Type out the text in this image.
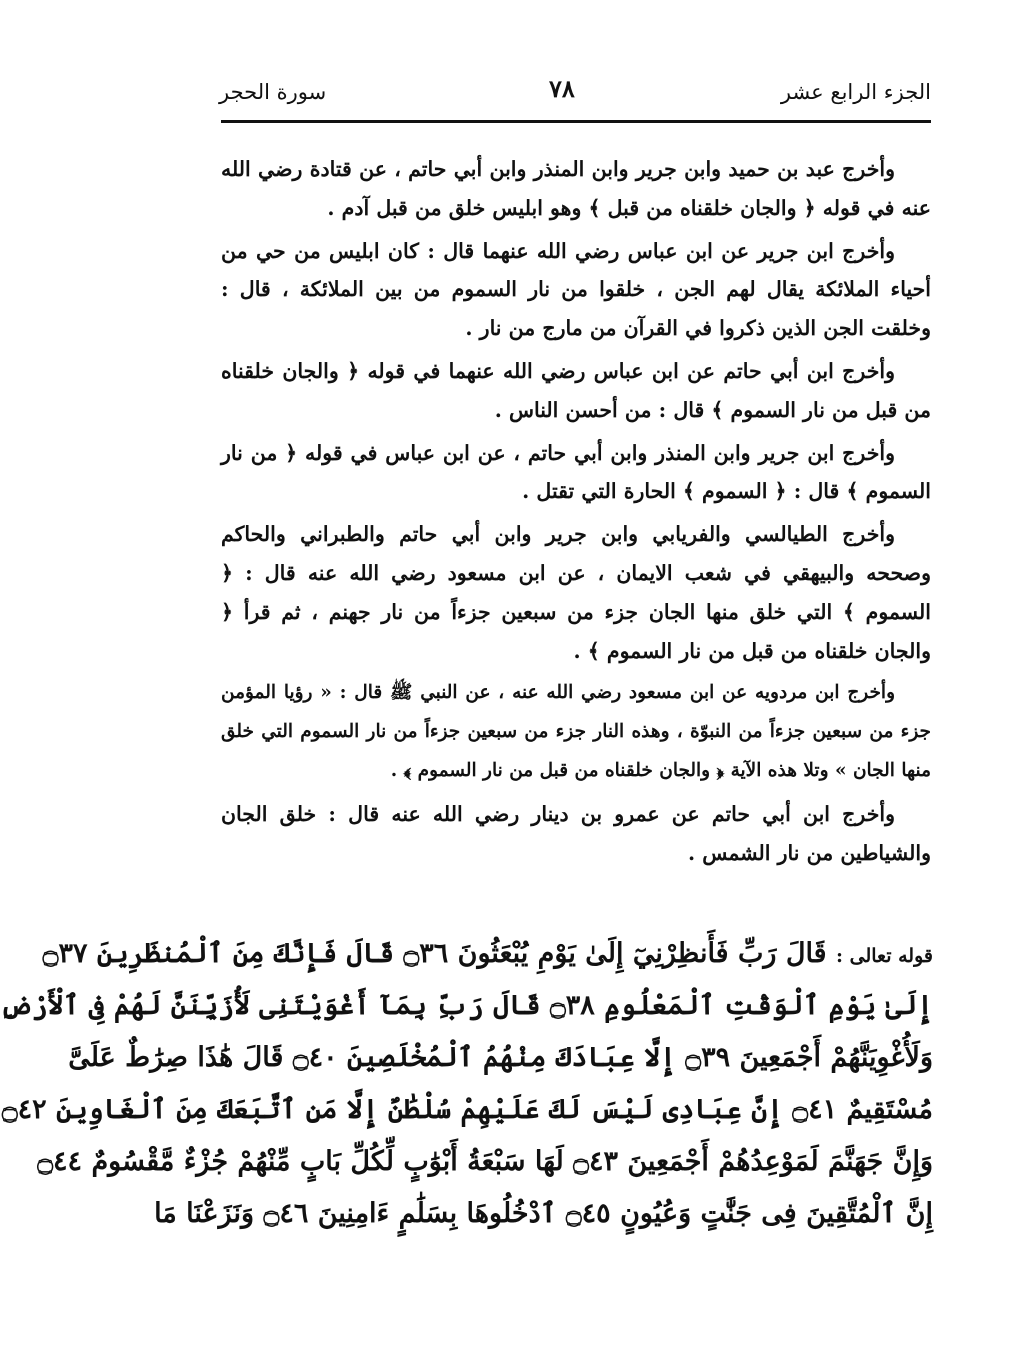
الجزء الرابع عشر
٧٨
سورة الحجر

وأخرج عبد بن حميد وابن جرير وابن المنذر وابن أبي حاتم ، عن قتادة رضي الله عنه في قوله ﴿ والجان خلقناه من قبل ﴾ وهو ابليس خلق من قبل آدم .

وأخرج ابن جرير عن ابن عباس رضي الله عنهما قال : كان ابليس من حي من أحياء الملائكة يقال لهم الجن ، خلقوا من نار السموم من بين الملائكة ، قال : وخلقت الجن الذين ذكروا في القرآن من مارج من نار .

وأخرج ابن أبي حاتم عن ابن عباس رضي الله عنهما في قوله ﴿ والجان خلقناه من قبل من نار السموم ﴾ قال : من أحسن الناس .

وأخرج ابن جرير وابن المنذر وابن أبي حاتم ، عن ابن عباس في قوله ﴿ من نار السموم ﴾ قال : ﴿ السموم ﴾ الحارة التي تقتل .

وأخرج الطيالسي والفريابي وابن جرير وابن أبي حاتم والطبراني والحاكم وصححه والبيهقي في شعب الايمان ، عن ابن مسعود رضي الله عنه قال : ﴿ السموم ﴾ التي خلق منها الجان جزء من سبعين جزءاً من نار جهنم ، ثم قرأ ﴿ والجان خلقناه من قبل من نار السموم ﴾ .

وأخرج ابن مردويه عن ابن مسعود رضي الله عنه ، عن النبي ﷺ قال : « رؤيا المؤمن جزء من سبعين جزءاً من النبوّة ، وهذه النار جزء من سبعين جزءاً من نار السموم التي خلق منها الجان » وتلا هذه الآية ﴿ والجان خلقناه من قبل من نار السموم ﴾ .

وأخرج ابن أبي حاتم عن عمرو بن دينار رضي الله عنه قال : خلق الجان والشياطين من نار الشمس .

قوله تعالى : قَالَ رَبِّ فَأَنظِرْنِيٓ إِلَىٰ يَوْمِ يُبْعَثُونَ ۝٣٦ قَالَ فَإِنَّكَ مِنَ ٱلْمُنظَرِينَ ۝٣٧
إِلَىٰ يَوْمِ ٱلْوَقْتِ ٱلْمَعْلُومِ ۝٣٨ قَالَ رَبِّ بِمَآ أَغْوَيْتَنِى لَأُزَيِّنَنَّ لَهُمْ فِى ٱلْأَرْضِ
وَلَأُغْوِيَنَّهُمْ أَجْمَعِينَ ۝٣٩ إِلَّا عِبَادَكَ مِنْهُمُ ٱلْمُخْلَصِينَ ۝٤٠ قَالَ هَٰذَا صِرَٰطٌ عَلَىَّ
مُسْتَقِيمٌ ۝٤١ إِنَّ عِبَادِى لَيْسَ لَكَ عَلَيْهِمْ سُلْطَٰنٌ إِلَّا مَنِ ٱتَّبَعَكَ مِنَ ٱلْغَاوِينَ ۝٤٢
وَإِنَّ جَهَنَّمَ لَمَوْعِدُهُمْ أَجْمَعِينَ ۝٤٣ لَهَا سَبْعَةُ أَبْوَٰبٍ لِّكُلِّ بَابٍ مِّنْهُمْ جُزْءٌ مَّقْسُومٌ ۝٤٤
إِنَّ ٱلْمُتَّقِينَ فِى جَنَّٰتٍ وَعُيُونٍ ۝٤٥ ٱدْخُلُوهَا بِسَلَٰمٍ ءَامِنِينَ ۝٤٦ وَنَزَعْنَا مَا
